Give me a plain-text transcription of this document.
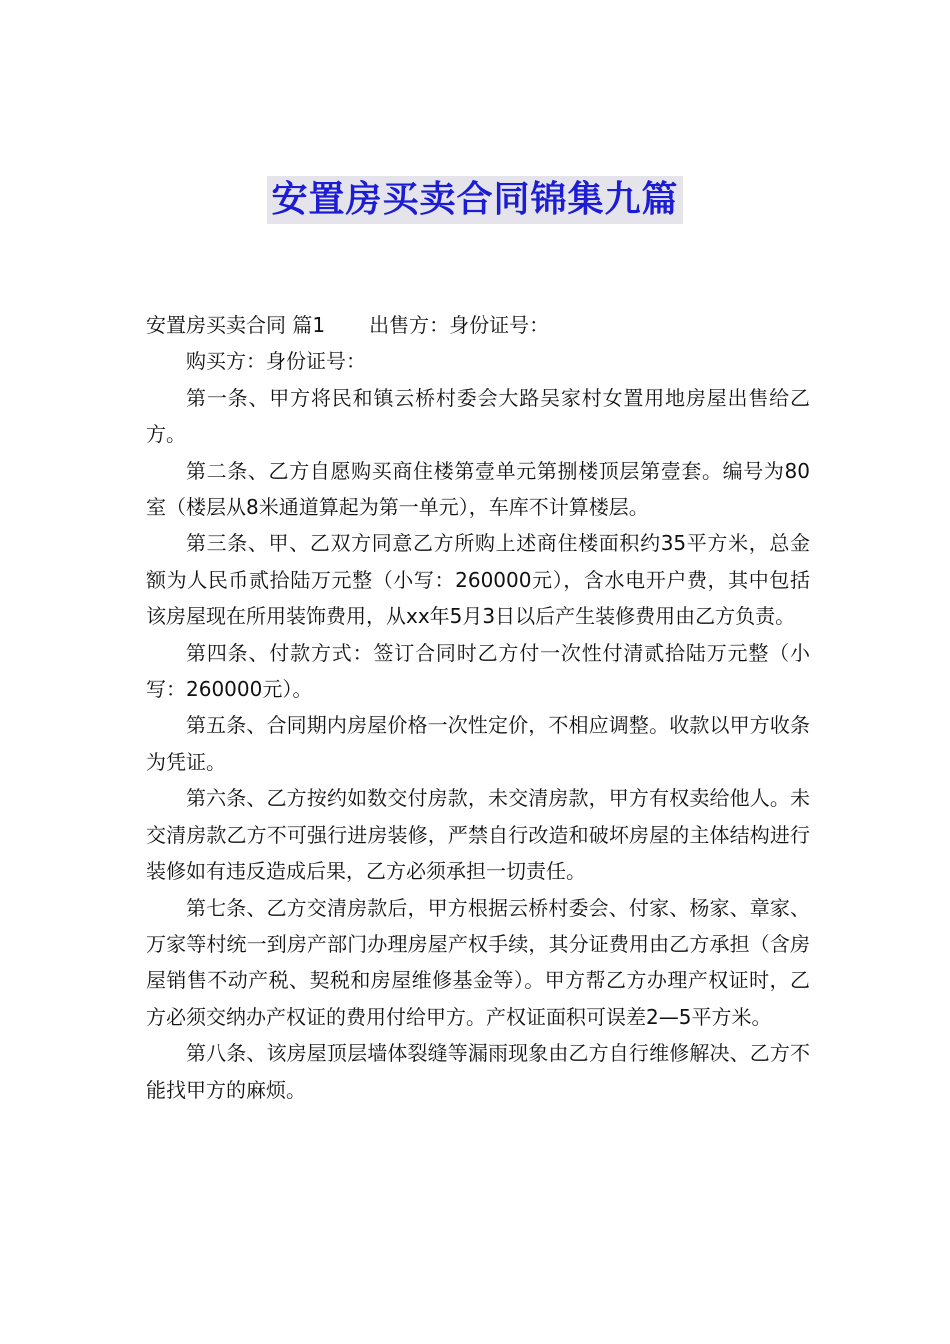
安置房买卖合同锦集九篇

安置房买卖合同 篇1 出售方：身份证号：

购买方：身份证号：

第一条、甲方将民和镇云桥村委会大路吴家村女置用地房屋出售给乙方。

第二条、乙方自愿购买商住楼第壹单元第捌楼顶层第壹套。编号为80室（楼层从8米通道算起为第一单元），车库不计算楼层。

第三条、甲、乙双方同意乙方所购上述商住楼面积约35平方米，总金额为人民币贰拾陆万元整（小写：260000元），含水电开户费，其中包括该房屋现在所用装饰费用，从xx年5月3日以后产生装修费用由乙方负责。

第四条、付款方式：签订合同时乙方付一次性付清贰拾陆万元整（小写：260000元）。

第五条、合同期内房屋价格一次性定价，不相应调整。收款以甲方收条为凭证。

第六条、乙方按约如数交付房款，未交清房款，甲方有权卖给他人。未交清房款乙方不可强行进房装修，严禁自行改造和破坏房屋的主体结构进行装修如有违反造成后果，乙方必须承担一切责任。

第七条、乙方交清房款后，甲方根据云桥村委会、付家、杨家、章家、万家等村统一到房产部门办理房屋产权手续，其分证费用由乙方承担（含房屋销售不动产税、契税和房屋维修基金等）。甲方帮乙方办理产权证时，乙方必须交纳办产权证的费用付给甲方。产权证面积可误差2—5平方米。

第八条、该房屋顶层墙体裂缝等漏雨现象由乙方自行维修解决、乙方不能找甲方的麻烦。
